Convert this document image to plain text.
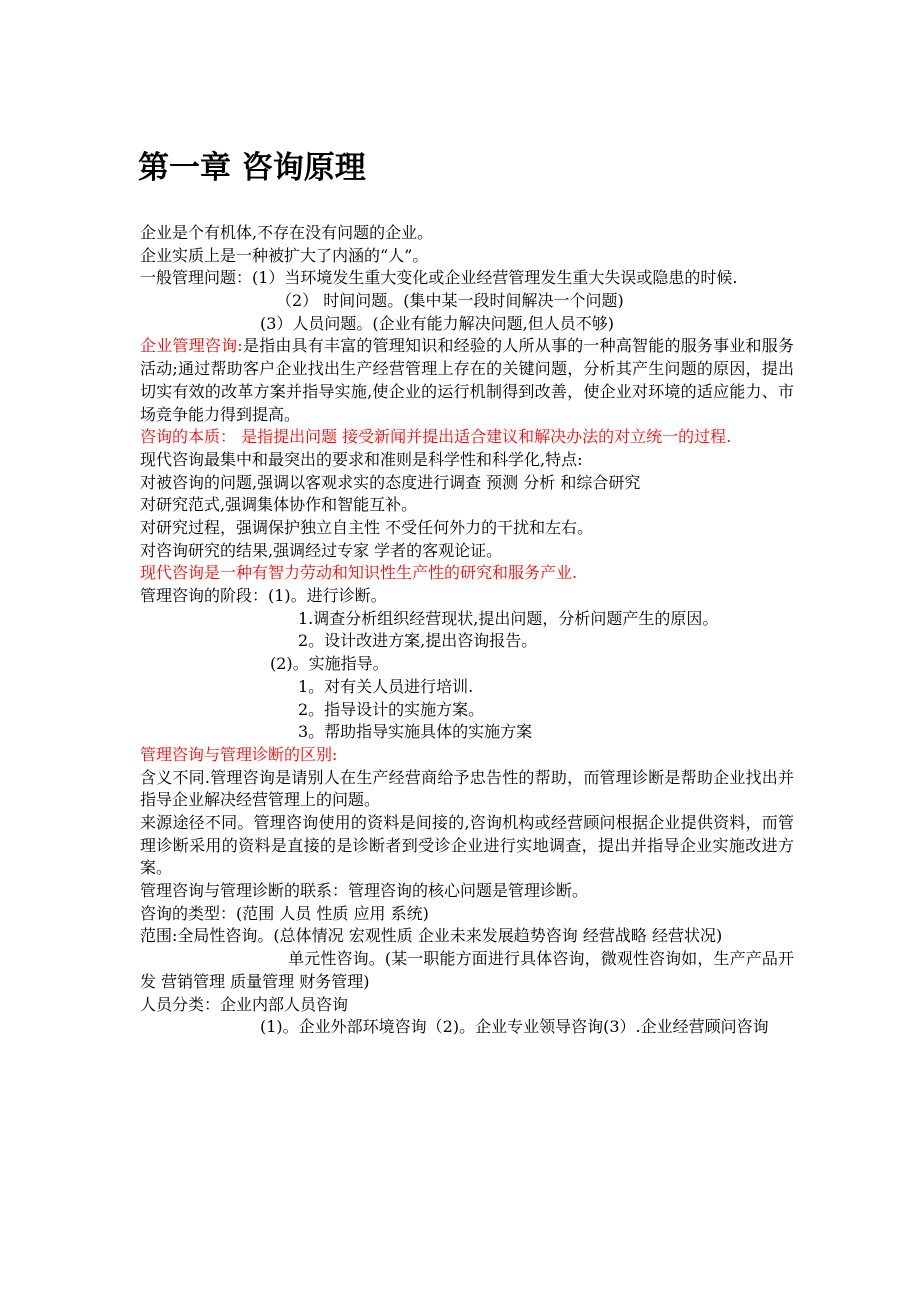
第一章 咨询原理
企业是个有机体,不存在没有问题的企业。
企业实质上是一种被扩大了内涵的“人”。
一般管理问题：(1）当环境发生重大变化或企业经营管理发生重大失误或隐患的时候.
（2） 时间问题。(集中某一段时间解决一个问题)
(3）人员问题。(企业有能力解决问题,但人员不够)
企业管理咨询:是指由具有丰富的管理知识和经验的人所从事的一种高智能的服务事业和服务活动;通过帮助客户企业找出生产经营管理上存在的关键问题，分析其产生问题的原因，提出切实有效的改革方案并指导实施,使企业的运行机制得到改善，使企业对环境的适应能力、市场竞争能力得到提高。
咨询的本质： 是指提出问题 接受新闻并提出适合建议和解决办法的对立统一的过程.
现代咨询最集中和最突出的要求和准则是科学性和科学化,特点:
对被咨询的问题,强调以客观求实的态度进行调查 预测 分析 和综合研究
对研究范式,强调集体协作和智能互补。
对研究过程，强调保护独立自主性 不受任何外力的干扰和左右。
对咨询研究的结果,强调经过专家 学者的客观论证。
现代咨询是一种有智力劳动和知识性生产性的研究和服务产业.
管理咨询的阶段：(1)。进行诊断。
1.调查分析组织经营现状,提出问题，分析问题产生的原因。
2。设计改进方案,提出咨询报告。
(2)。实施指导。
1。对有关人员进行培训.
2。指导设计的实施方案。
3。帮助指导实施具体的实施方案
管理咨询与管理诊断的区别:
含义不同.管理咨询是请别人在生产经营商给予忠告性的帮助，而管理诊断是帮助企业找出并指导企业解决经营管理上的问题。
来源途径不同。管理咨询使用的资料是间接的,咨询机构或经营顾问根据企业提供资料，而管理诊断采用的资料是直接的是诊断者到受诊企业进行实地调查，提出并指导企业实施改进方案。
管理咨询与管理诊断的联系：管理咨询的核心问题是管理诊断。
咨询的类型：(范围 人员 性质 应用 系统)
范围:全局性咨询。(总体情况 宏观性质 企业未来发展趋势咨询 经营战略 经营状况)
单元性咨询。(某一职能方面进行具体咨询，微观性咨询如，生产产品开发 营销管理 质量管理 财务管理)
人员分类：企业内部人员咨询
(1)。企业外部环境咨询（2)。企业专业领导咨询(3）.企业经营顾问咨询
